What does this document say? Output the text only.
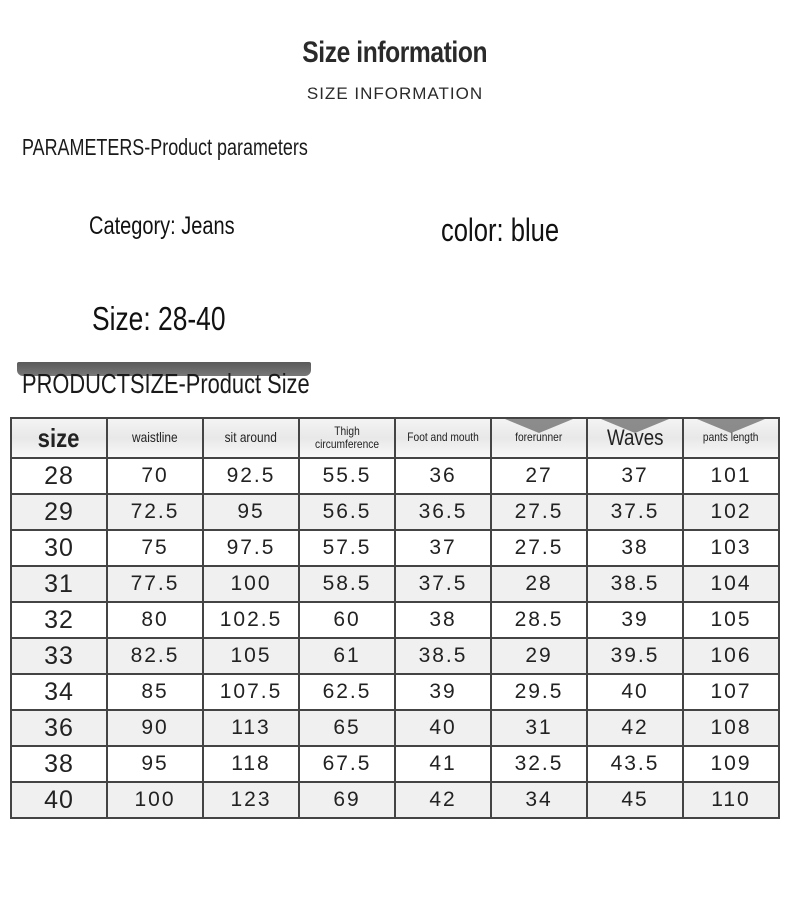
Size information
SIZE INFORMATION
PARAMETERS-Product parameters
Category: Jeans	color: blue
Size: 28-40
PRODUCTSIZE-Product Size
size	waistline	sit around	Thigh circumference	Foot and mouth	forerunner	Waves	pants length
28	70	92.5	55.5	36	27	37	101
29	72.5	95	56.5	36.5	27.5	37.5	102
30	75	97.5	57.5	37	27.5	38	103
31	77.5	100	58.5	37.5	28	38.5	104
32	80	102.5	60	38	28.5	39	105
33	82.5	105	61	38.5	29	39.5	106
34	85	107.5	62.5	39	29.5	40	107
36	90	113	65	40	31	42	108
38	95	118	67.5	41	32.5	43.5	109
40	100	123	69	42	34	45	110
